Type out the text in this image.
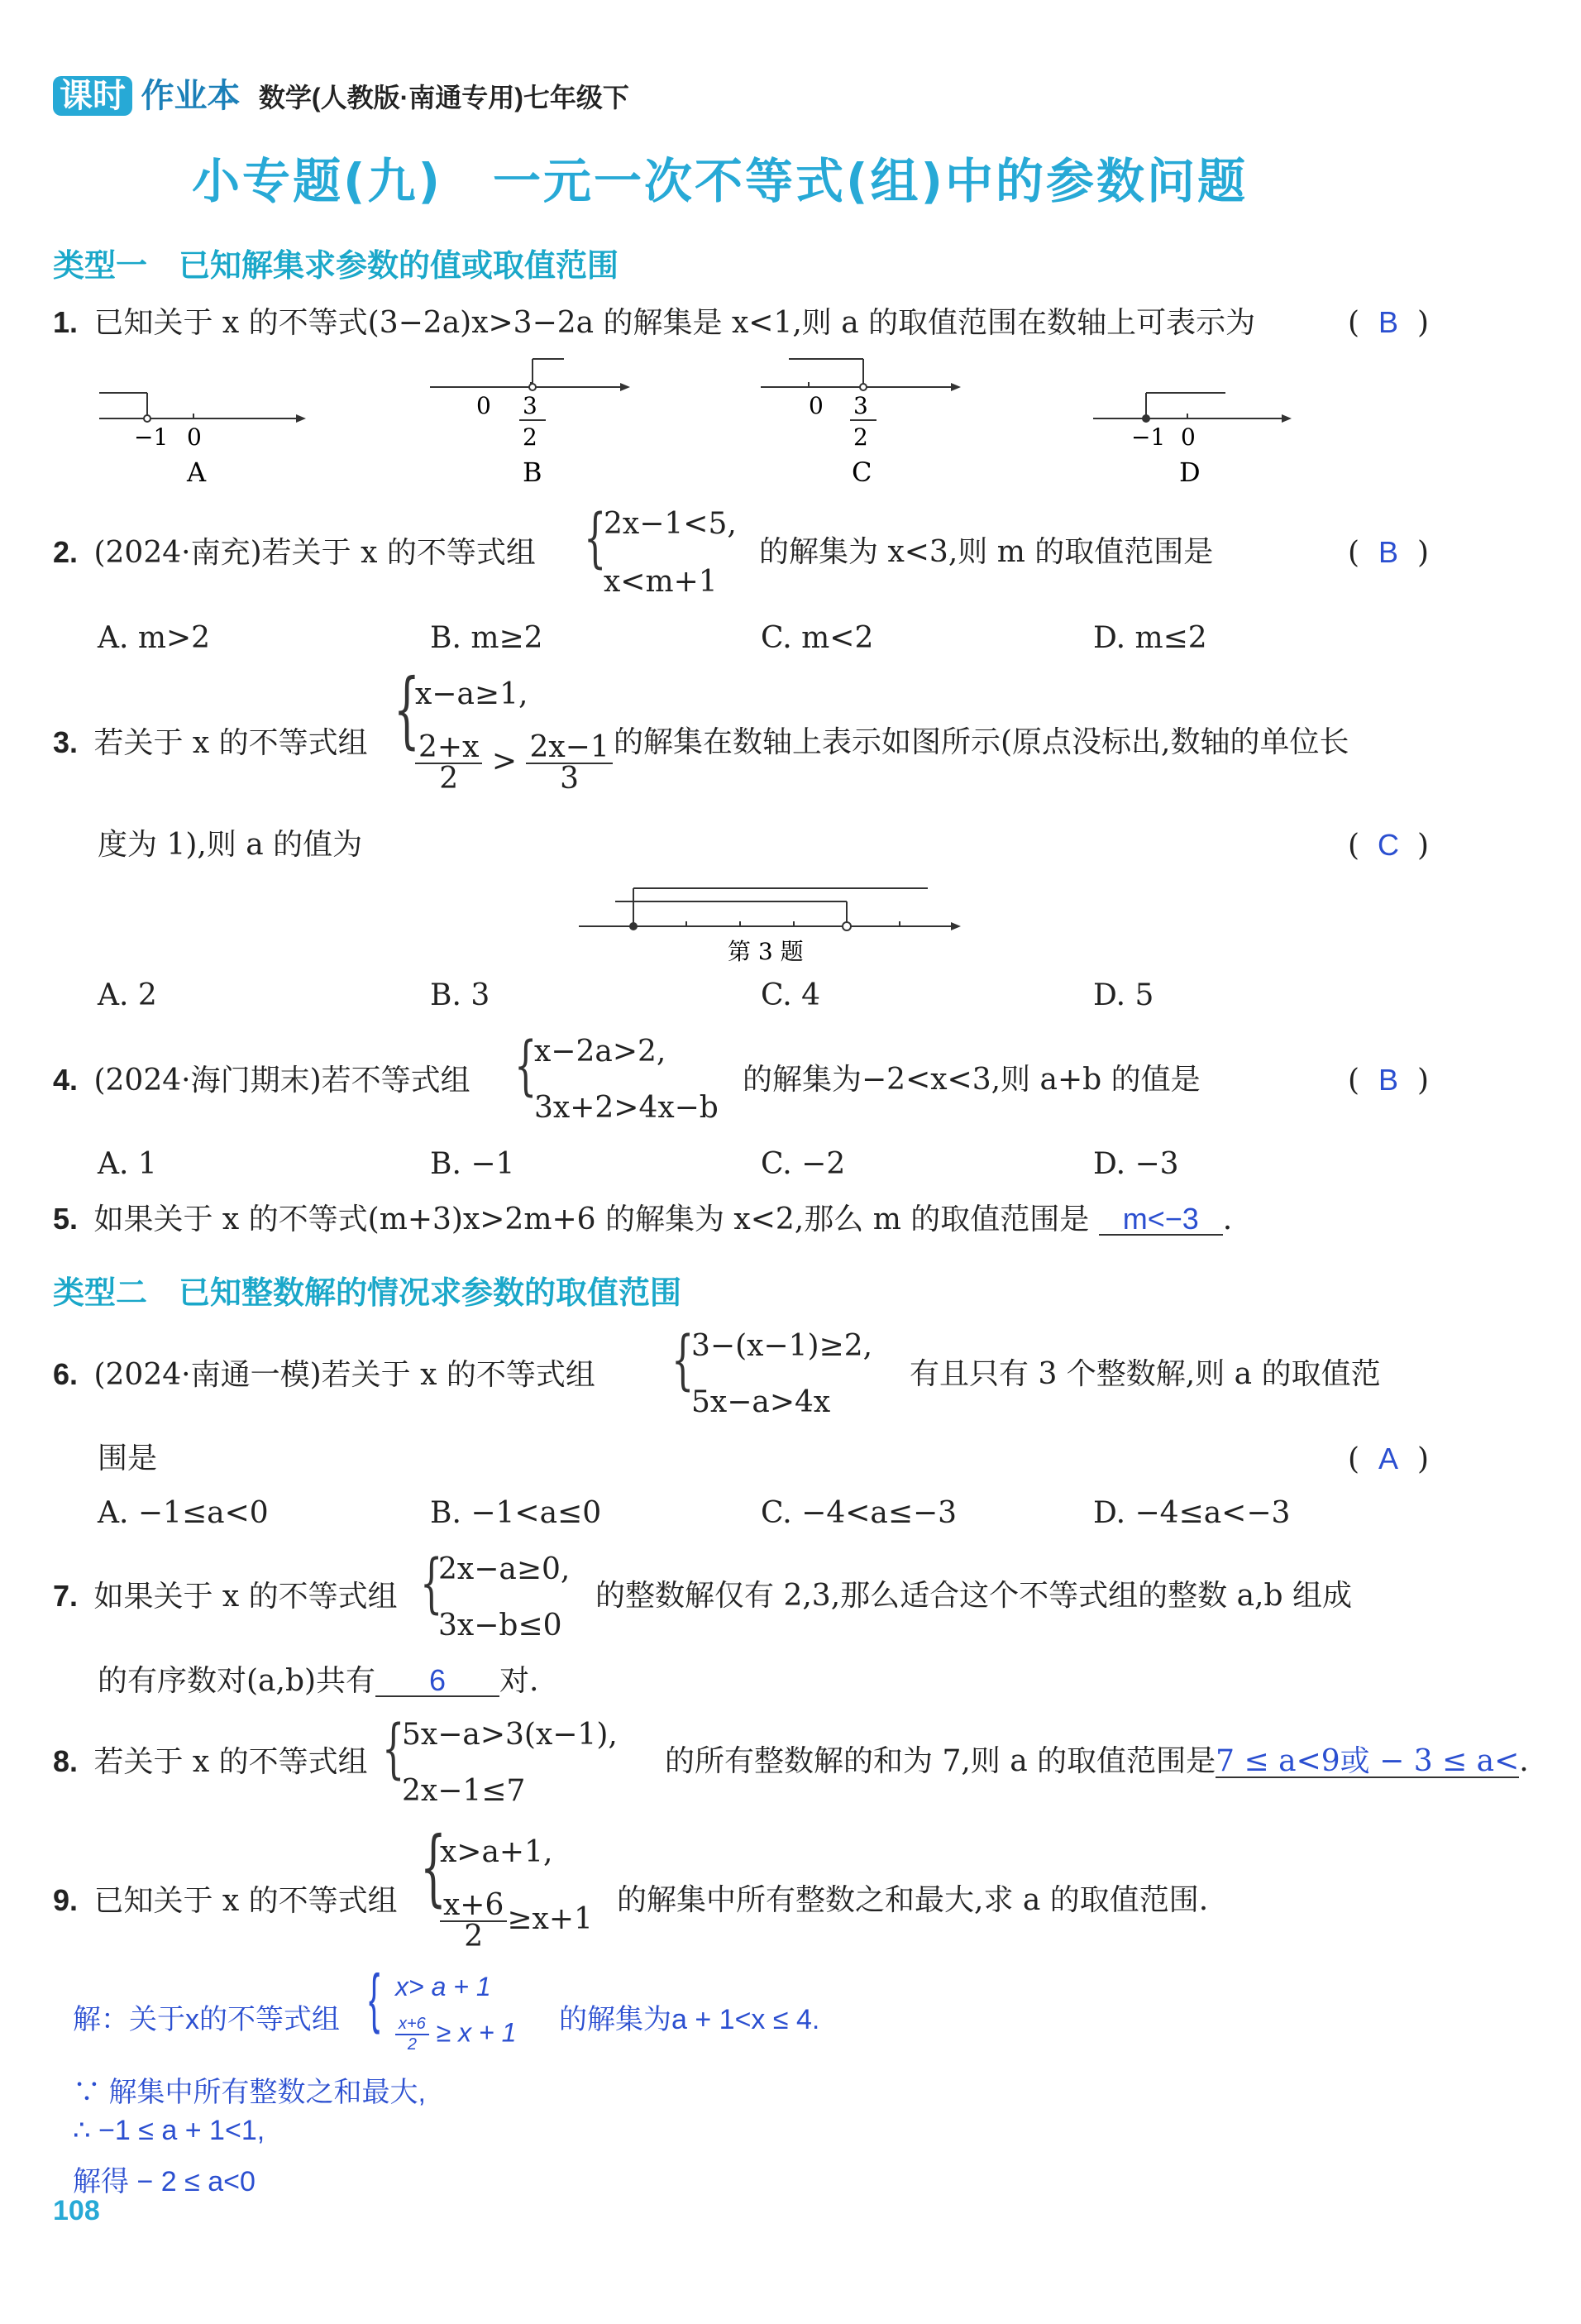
课时 作业本 数学(人教版·南通专用)七年级下
小专题(九)　一元一次不等式(组)中的参数问题
类型一　已知解集求参数的值或取值范围
1. 已知关于 x 的不等式(3−2a)x>3−2a 的解集是 x<1,则 a 的取值范围在数轴上可表示为	( B )
−1 0
A
0 3
2
B
0 3
2
C
−1 0
D
2. (2024·南充)若关于 x 的不等式组 {
2x−1<5,
x<m+1
的解集为 x<3,则 m 的取值范围是	( B )
A. m>2	B. m≥2	C. m<2	D. m≤2
3. 若关于 x 的不等式组 {
x−a≥1,
$\frac{2+x}{2} > \frac{2x-1}{3}$ 的解集在数轴上表示如图所示(原点没标出,数轴的单位长
度为 1),则 a 的值为	( C )
第 3 题
A. 2	B. 3	C. 4	D. 5
4. (2024·海门期末)若不等式组 {
x−2a>2,
3x+2>4x−b
的解集为−2<x<3,则 a+b 的值是	( B )
A. 1	B. −1	C. −2	D. −3
5. 如果关于 x 的不等式(m+3)x>2m+6 的解集为 x<2,那么 m 的取值范围是 m<−3 .
类型二　已知整数解的情况求参数的取值范围
6. (2024·南通一模)若关于 x 的不等式组 {
3−(x−1)≥2,
5x−a>4x
有且只有 3 个整数解,则 a 的取值范
围是	( A )
A. −1≤a<0	B. −1<a≤0	C. −4<a≤−3	D. −4≤a<−3
7. 如果关于 x 的不等式组 {
2x−a≥0,
3x−b≤0
的整数解仅有 2,3,那么适合这个不等式组的整数 a,b 组成
的有序数对(a,b)共有 6 对.
8. 若关于 x 的不等式组 {
5x−a>3(x−1),
2x−1≤7
的所有整数解的和为 7,则 a 的取值范围是7 ≤ a<9或 − 3 ≤ a<.
9. 已知关于 x 的不等式组 {
x>a+1,
$\frac{x+6}{2} \ge x+1$
的解集中所有整数之和最大,求 a 的取值范围.
解：关于x的不等式组 { x> a + 1
$\frac{x+6}{2} \ge x + 1$ 的解集为a + 1<x ≤ 4.
∵ 解集中所有整数之和最大,
∴ −1 ≤ a + 1<1,
解得 − 2 ≤ a<0
108
